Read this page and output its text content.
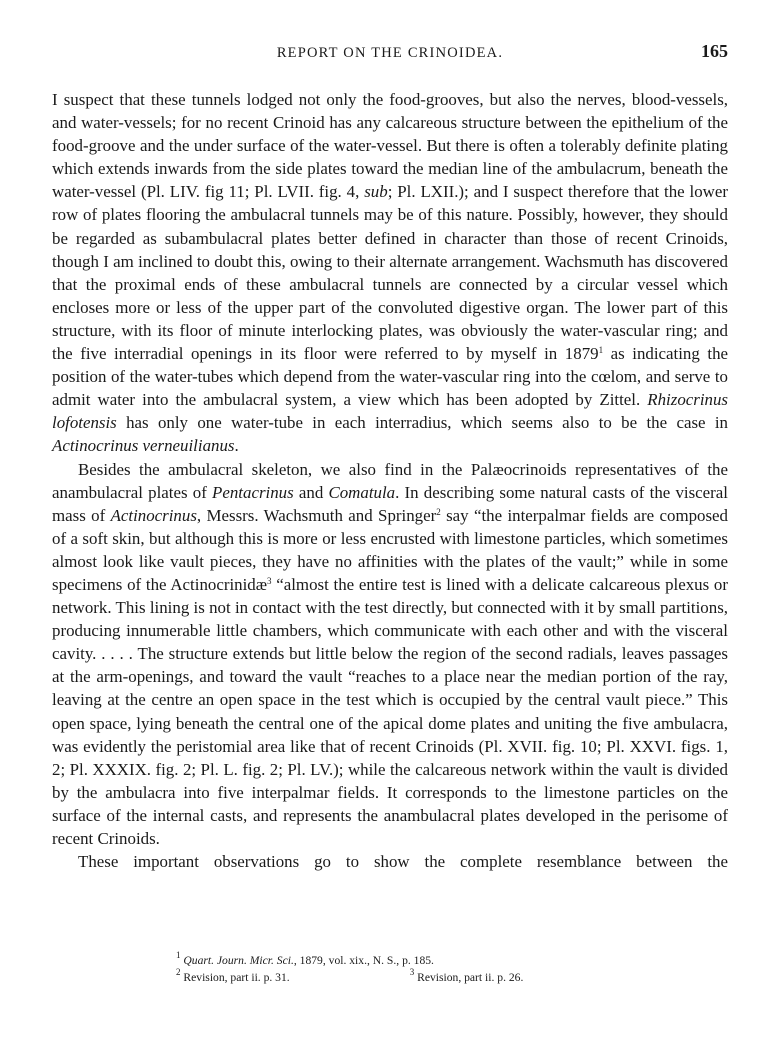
REPORT ON THE CRINOIDEA.	165

I suspect that these tunnels lodged not only the food-grooves, but also the nerves, blood-vessels, and water-vessels; for no recent Crinoid has any calcareous structure between the epithelium of the food-groove and the under surface of the water-vessel. But there is often a tolerably definite plating which extends inwards from the side plates toward the median line of the ambulacrum, beneath the water-vessel (Pl. LIV. fig 11; Pl. LVII. fig. 4, sub; Pl. LXII.); and I suspect therefore that the lower row of plates flooring the ambulacral tunnels may be of this nature. Possibly, however, they should be regarded as subambulacral plates better defined in character than those of recent Crinoids, though I am inclined to doubt this, owing to their alternate arrangement. Wachsmuth has discovered that the proximal ends of these ambulacral tunnels are connected by a circular vessel which encloses more or less of the upper part of the convoluted digestive organ. The lower part of this structure, with its floor of minute interlocking plates, was obviously the water-vascular ring; and the five interradial openings in its floor were referred to by myself in 1879$^1$ as indicating the position of the water-tubes which depend from the water-vascular ring into the cœlom, and serve to admit water into the ambulacral system, a view which has been adopted by Zittel. Rhizocrinus lofotensis has only one water-tube in each interradius, which seems also to be the case in Actinocrinus verneuilianus.

Besides the ambulacral skeleton, we also find in the Palæocrinoids representatives of the anambulacral plates of Pentacrinus and Comatula. In describing some natural casts of the visceral mass of Actinocrinus, Messrs. Wachsmuth and Springer$^2$ say “the interpalmar fields are composed of a soft skin, but although this is more or less encrusted with limestone particles, which sometimes almost look like vault pieces, they have no affinities with the plates of the vault;” while in some specimens of the Actinocrinidæ$^3$ “almost the entire test is lined with a delicate calcareous plexus or network. This lining is not in contact with the test directly, but connected with it by small partitions, producing innumerable little chambers, which communicate with each other and with the visceral cavity. . . . . The structure extends but little below the region of the second radials, leaves passages at the arm-openings, and toward the vault “reaches to a place near the median portion of the ray, leaving at the centre an open space in the test which is occupied by the central vault piece.” This open space, lying beneath the central one of the apical dome plates and uniting the five ambulacra, was evidently the peristomial area like that of recent Crinoids (Pl. XVII. fig. 10; Pl. XXVI. figs. 1, 2; Pl. XXXIX. fig. 2; Pl. L. fig. 2; Pl. LV.); while the calcareous network within the vault is divided by the ambulacra into five interpalmar fields. It corresponds to the limestone particles on the surface of the internal casts, and represents the anambulacral plates developed in the perisome of recent Crinoids.

These important observations go to show the complete resemblance between the

$^1$ Quart. Journ. Micr. Sci., 1879, vol. xix., N. S., p. 185.
$^2$ Revision, part ii. p. 31.	$^3$ Revision, part ii. p. 26.
